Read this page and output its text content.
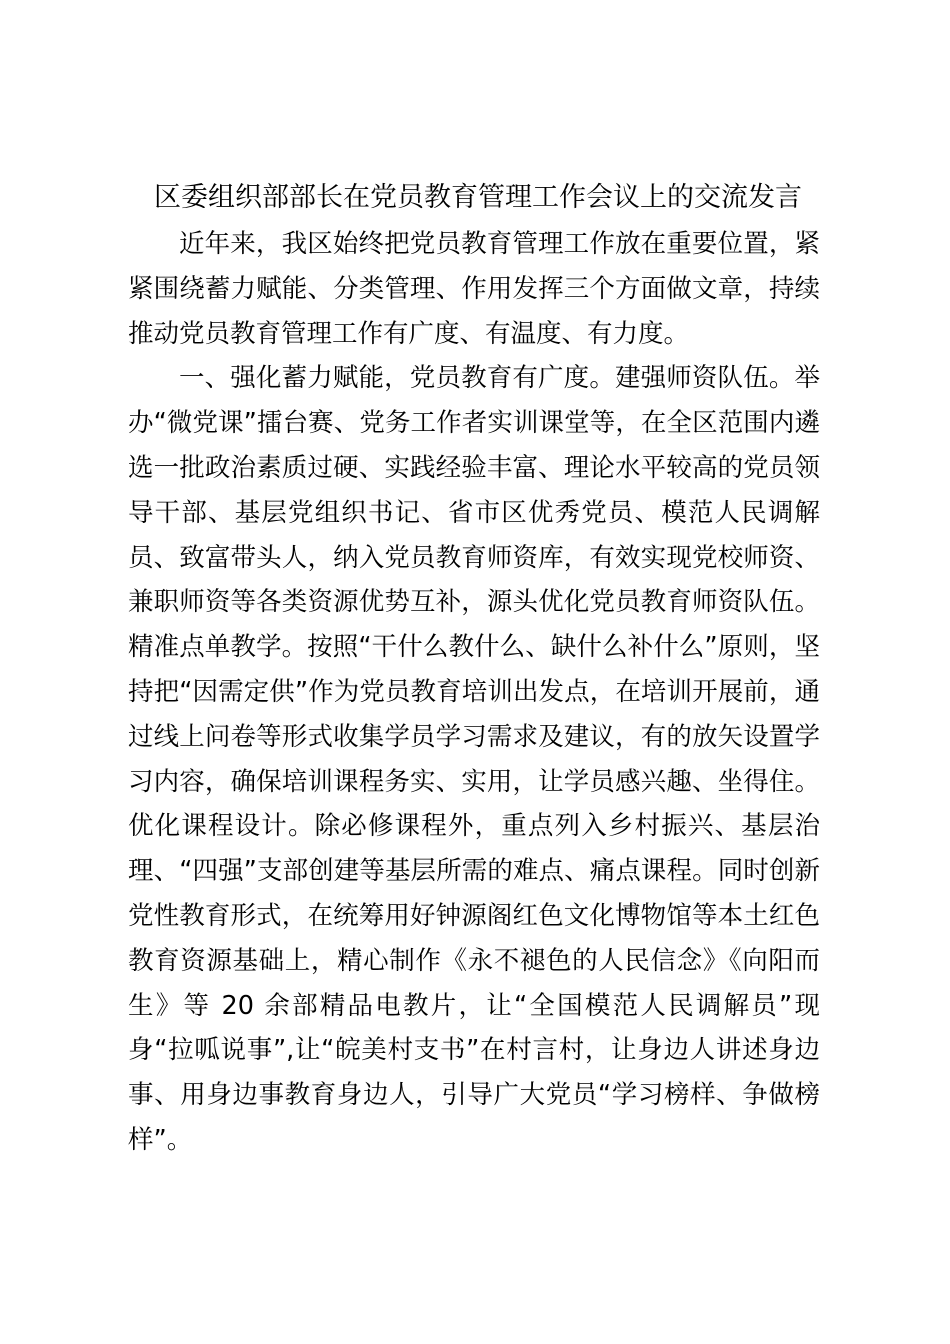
区委组织部部长在党员教育管理工作会议上的交流发言

近年来，我区始终把党员教育管理工作放在重要位置，紧紧围绕蓄力赋能、分类管理、作用发挥三个方面做文章，持续推动党员教育管理工作有广度、有温度、有力度。

一、强化蓄力赋能，党员教育有广度。建强师资队伍。举办“微党课”擂台赛、党务工作者实训课堂等，在全区范围内遴选一批政治素质过硬、实践经验丰富、理论水平较高的党员领导干部、基层党组织书记、省市区优秀党员、模范人民调解员、致富带头人，纳入党员教育师资库，有效实现党校师资、兼职师资等各类资源优势互补，源头优化党员教育师资队伍。精准点单教学。按照“干什么教什么、缺什么补什么”原则，坚持把“因需定供”作为党员教育培训出发点，在培训开展前，通过线上问卷等形式收集学员学习需求及建议，有的放矢设置学习内容，确保培训课程务实、实用，让学员感兴趣、坐得住。优化课程设计。除必修课程外，重点列入乡村振兴、基层治理、“四强”支部创建等基层所需的难点、痛点课程。同时创新党性教育形式，在统筹用好钟源阁红色文化博物馆等本土红色教育资源基础上，精心制作《永不褪色的人民信念》《向阳而生》等 20 余部精品电教片，让“全国模范人民调解员”现身“拉呱说事”,让“皖美村支书”在村言村，让身边人讲述身边事、用身边事教育身边人，引导广大党员“学习榜样、争做榜样”。
